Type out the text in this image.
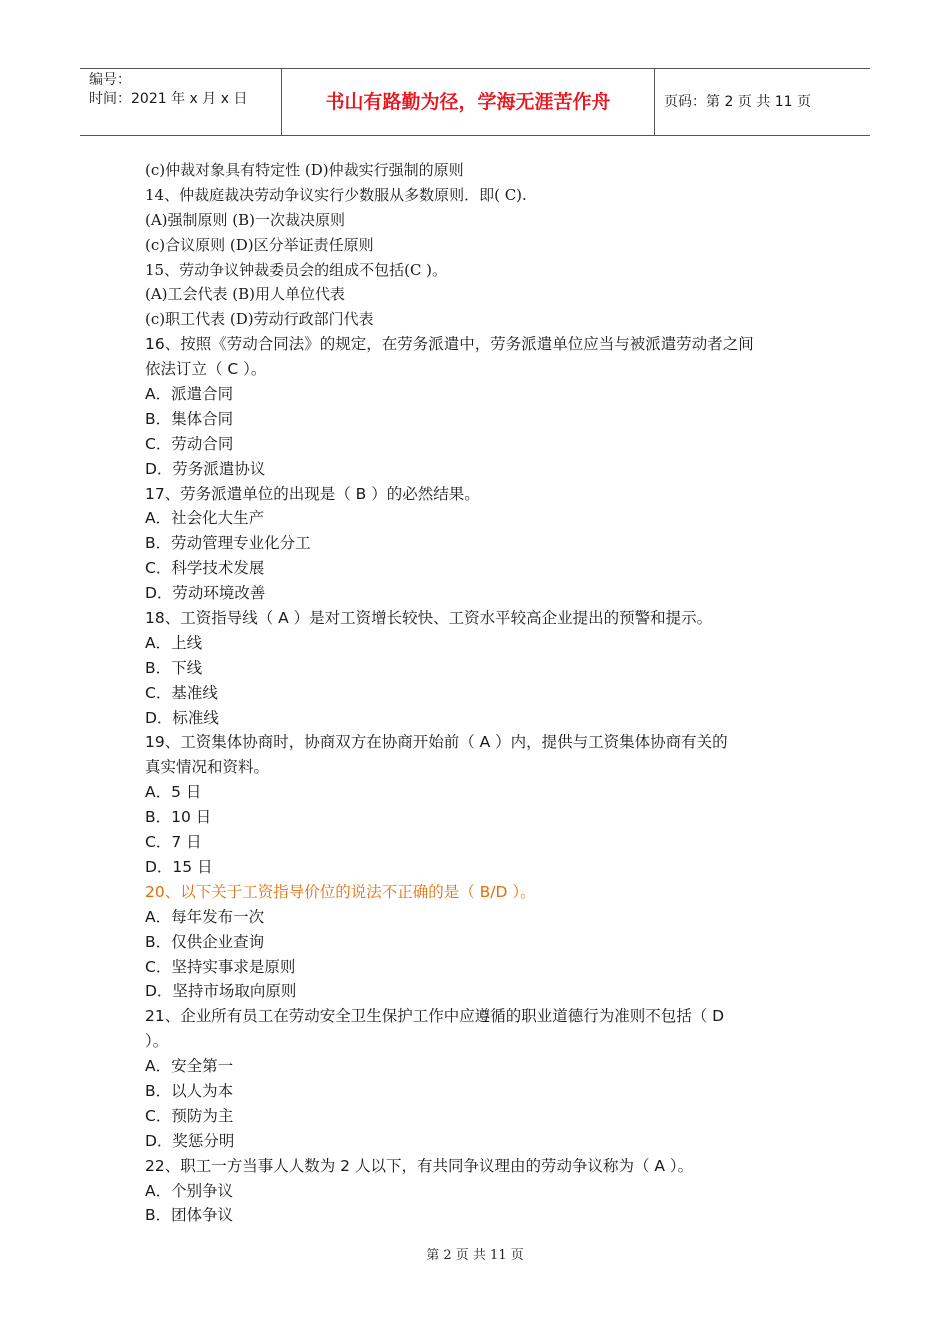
编号：
时间：2021 年 x 月 x 日	书山有路勤为径，学海无涯苦作舟	页码：第 2 页 共 11 页
(c)仲裁对象具有特定性 (D)仲裁实行强制的原则
14、仲裁庭裁决劳动争议实行少数服从多数原则．即( C).
(A)强制原则 (B)一次裁决原则
(c)合议原则 (D)区分举证责任原则
15、劳动争议钟裁委员会的组成不包括(C )。
(A)工会代表 (B)用人单位代表
(c)职工代表 (D)劳动行政部门代表
16、按照《劳动合同法》的规定，在劳务派遣中，劳务派遣单位应当与被派遣劳动者之间
依法订立（ C ）。
A．派遣合同
B．集体合同
C．劳动合同
D．劳务派遣协议
17、劳务派遣单位的出现是（ B ）的必然结果。
A．社会化大生产
B．劳动管理专业化分工
C．科学技术发展
D．劳动环境改善
18、工资指导线（ A ）是对工资增长较快、工资水平较高企业提出的预警和提示。
A．上线
B．下线
C．基准线
D．标准线
19、工资集体协商时，协商双方在协商开始前（ A ）内，提供与工资集体协商有关的
真实情况和资料。
A．5 日
B．10 日
C．7 日
D．15 日
20、以下关于工资指导价位的说法不正确的是（ B/D ）。
A．每年发布一次
B．仅供企业查询
C．坚持实事求是原则
D．坚持市场取向原则
21、企业所有员工在劳动安全卫生保护工作中应遵循的职业道德行为准则不包括（ D
）。
A．安全第一
B．以人为本
C．预防为主
D．奖惩分明
22、职工一方当事人人数为 2 人以下，有共同争议理由的劳动争议称为（ A ）。
A．个别争议
B．团体争议
第 2 页 共 11 页
